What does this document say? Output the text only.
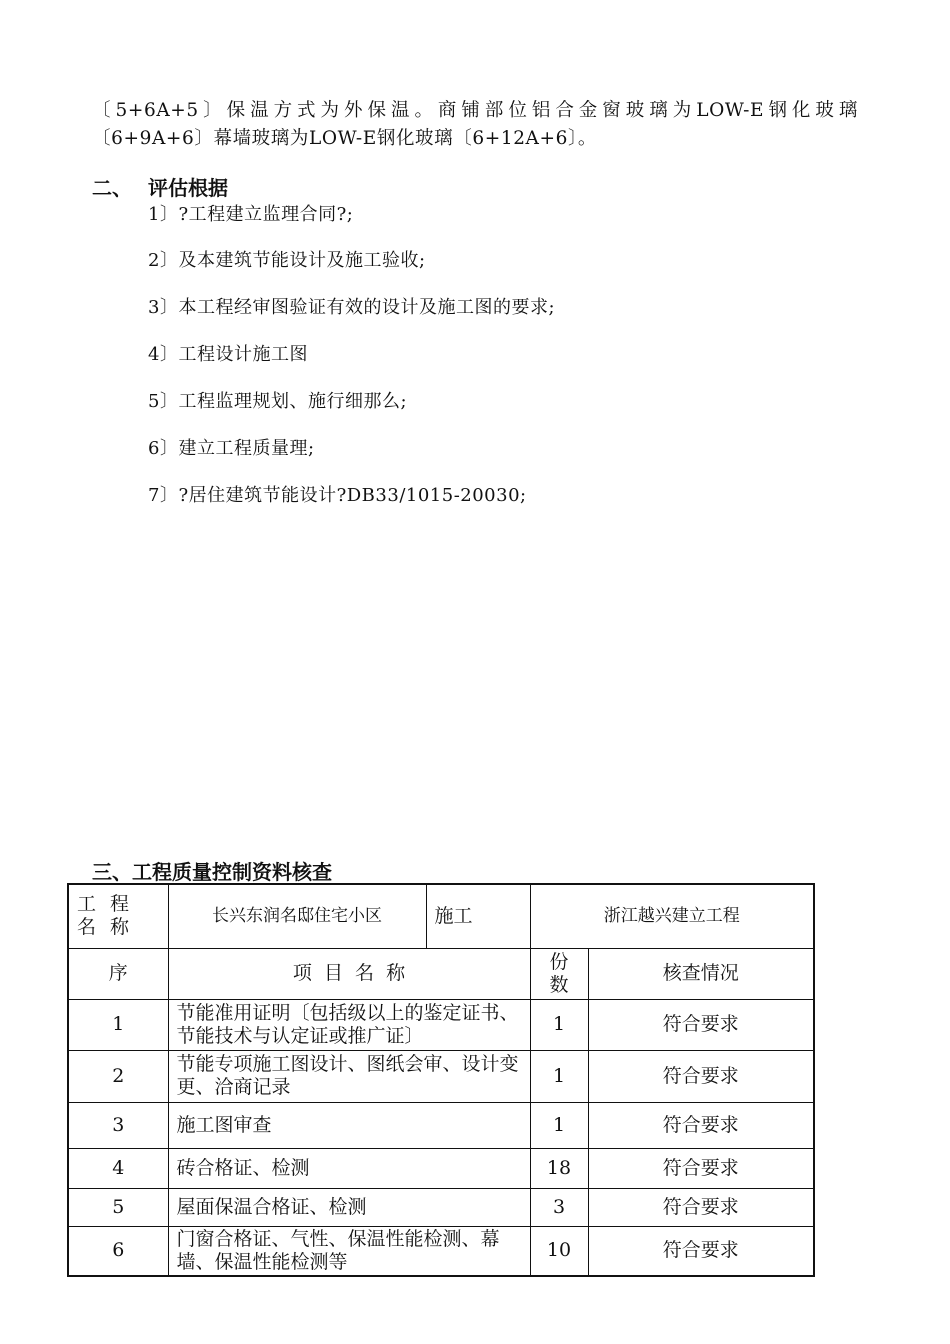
〔5+6A+5〕保温方式为外保温。商铺部位铝合金窗玻璃为LOW-E钢化玻璃
〔6+9A+6〕幕墙玻璃为LOW-E钢化玻璃〔6+12A+6〕。
二、 评估根据
1〕?工程建立监理合同?;
2〕及本建筑节能设计及施工验收;
3〕本工程经审图验证有效的设计及施工图的要求;
4〕工程设计施工图
5〕工程监理规划、施行细那么;
6〕建立工程质量理;
7〕?居住建筑节能设计?DB33/1015-20030;
三、工程质量控制资料核查
工 程 名 称	长兴东润名邸住宅小区	施工	浙江越兴建立工程	
序	项  目  名  称		份数	核查情况
1	节能准用证明〔包括级以上的鉴定证书、节能技术与认定证或推广证〕		1	符合要求
2	节能专项施工图设计、图纸会审、设计变更、洽商记录		1	符合要求
3	施工图审查		1	符合要求
4	砖合格证、检测		18	符合要求
5	屋面保温合格证、检测		3	符合要求
6	门窗合格证、气性、保温性能检测、幕墙、保温性能检测等		10	符合要求
